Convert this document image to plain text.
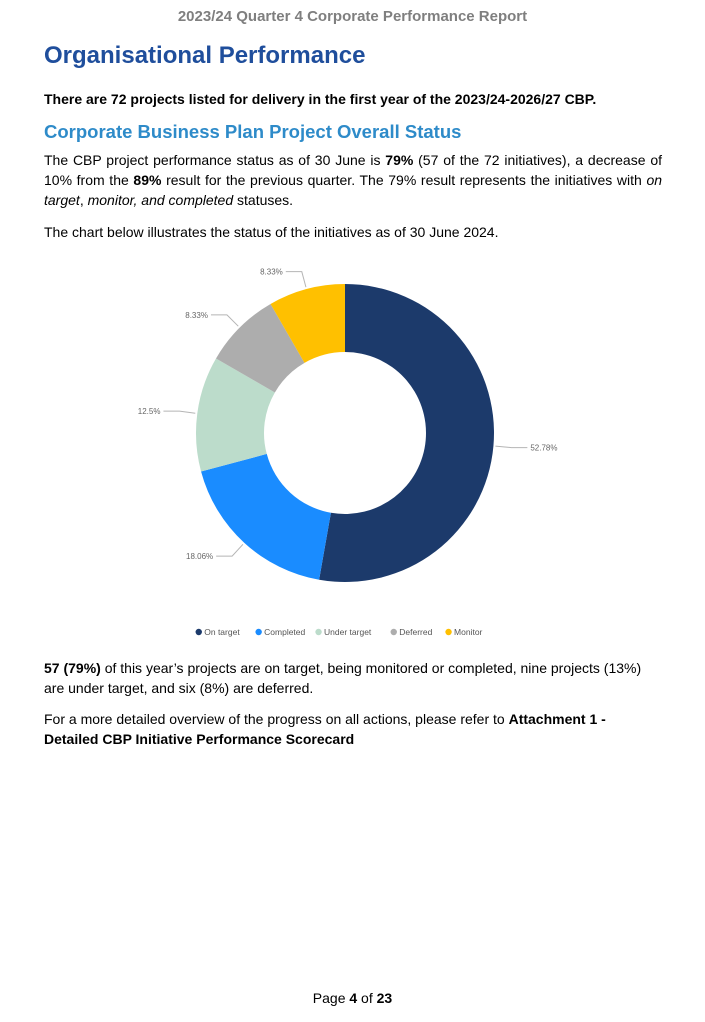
2023/24 Quarter 4 Corporate Performance Report
Organisational Performance
There are 72 projects listed for delivery in the first year of the 2023/24-2026/27 CBP.
Corporate Business Plan Project Overall Status
The CBP project performance status as of 30 June is 79% (57 of the 72 initiatives), a decrease of 10% from the 89% result for the previous quarter. The 79% result represents the initiatives with on target, monitor, and completed statuses.
The chart below illustrates the status of the initiatives as of 30 June 2024.
52.78%
18.06%
12.5%
8.33%
8.33%
On target	Completed Under target	Deferred	Monitor
57 (79%) of this year’s projects are on target, being monitored or completed, nine projects (13%) are under target, and six (8%) are deferred.
For a more detailed overview of the progress on all actions, please refer to Attachment 1 - Detailed CBP Initiative Performance Scorecard
Page 4 of 23
